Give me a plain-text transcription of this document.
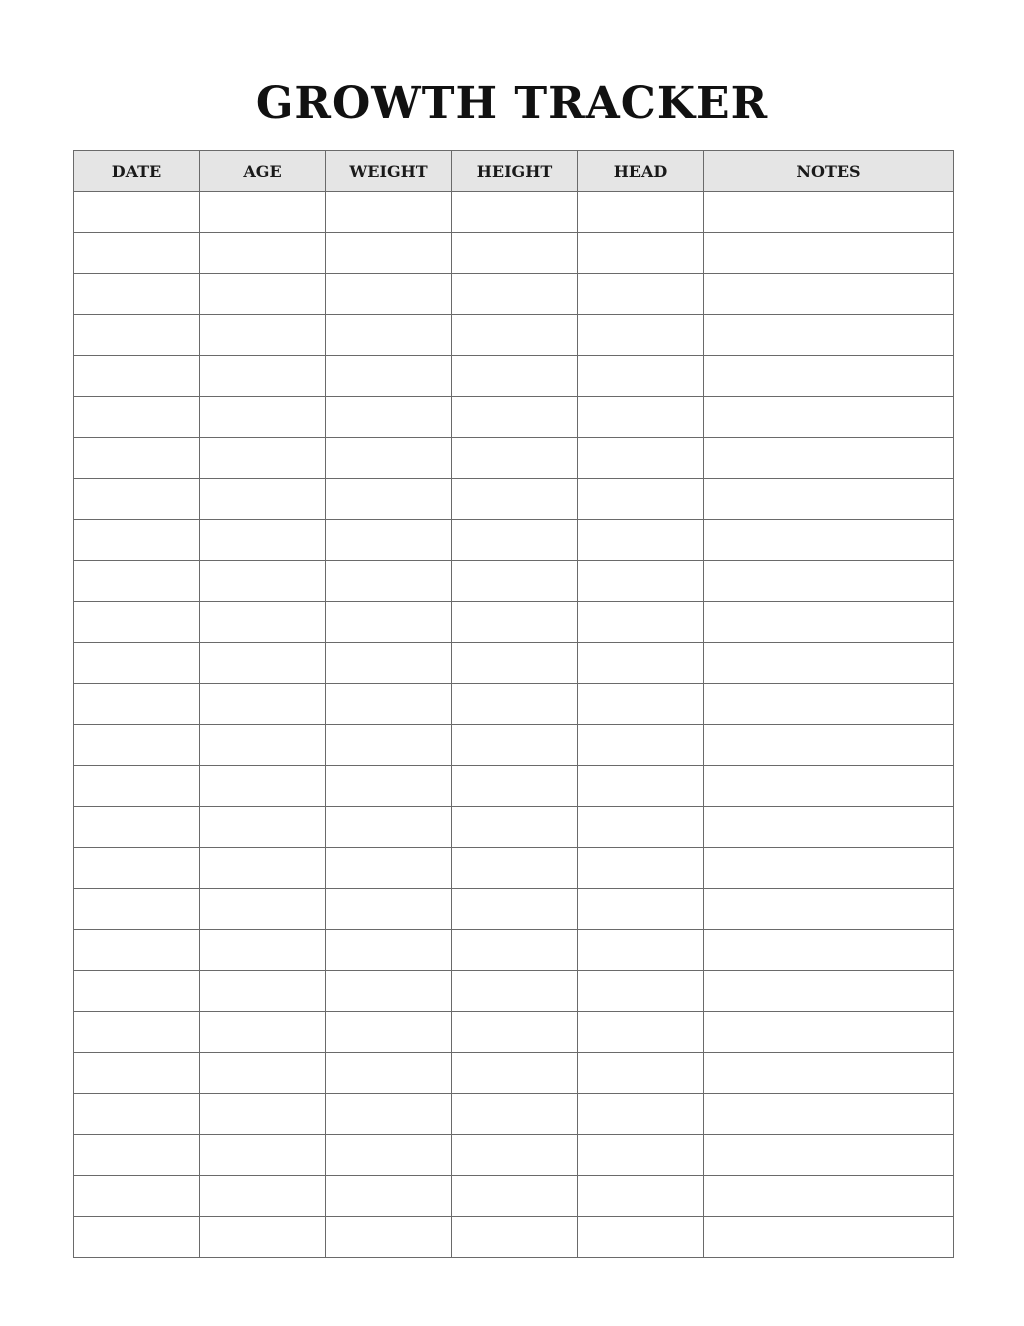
GROWTH TRACKER
DATE	AGE	WEIGHT	HEIGHT	HEAD	NOTES
